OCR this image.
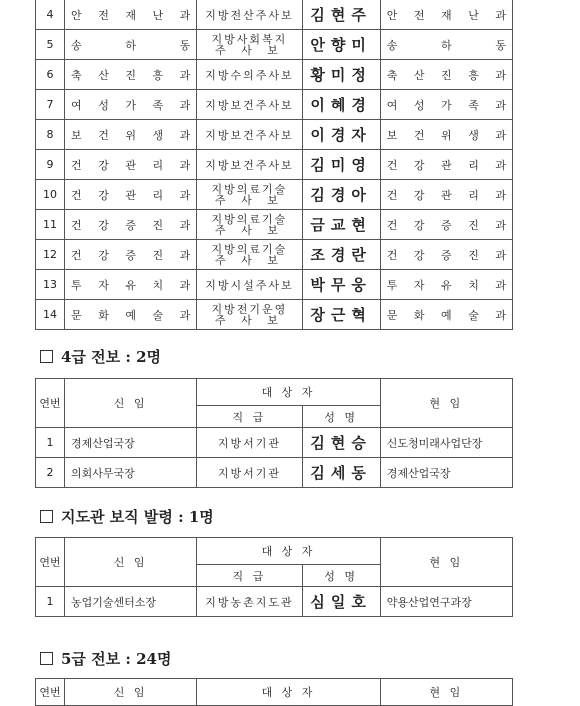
4	안 전 재 난 과	지방전산주사보	김현주	안 전 재 난 과
5	송 하 동	지방사회복지
주 사 보	안향미	송 하 동
6	축 산 진 흥 과	지방수의주사보	황미정	축 산 진 흥 과
7	여 성 가 족 과	지방보건주사보	이혜경	여 성 가 족 과
8	보 건 위 생 과	지방보건주사보	이경자	보 건 위 생 과
9	건 강 관 리 과	지방보건주사보	김미영	건 강 관 리 과
10	건 강 관 리 과	지방의료기술
주 사 보	김경아	건 강 관 리 과
11	건 강 증 진 과	지방의료기술
주 사 보	금교현	건 강 증 진 과
12	건 강 증 진 과	지방의료기술
주 사 보	조경란	건 강 증 진 과
13	투 자 유 치 과	지방시설주사보	박무웅	투 자 유 치 과
14	문 화 예 술 과	지방전기운영
주 사 보	장근혁	문 화 예 술 과
4급 전보 : 2명
연번	신 임	대 상 자		현 임
		직 급	성 명	
1	경제산업국장	지방서기관	김현승	신도청미래사업단장
2	의회사무국장	지방서기관	김세동	경제산업국장
지도관 보직 발령 : 1명
연번	신 임	대 상 자		현 임
		직 급	성 명	
1	농업기술센터소장	지방농촌지도관	심일호	약용산업연구과장
5급 전보 : 24명
연번	신 임	대 상 자	현 임
